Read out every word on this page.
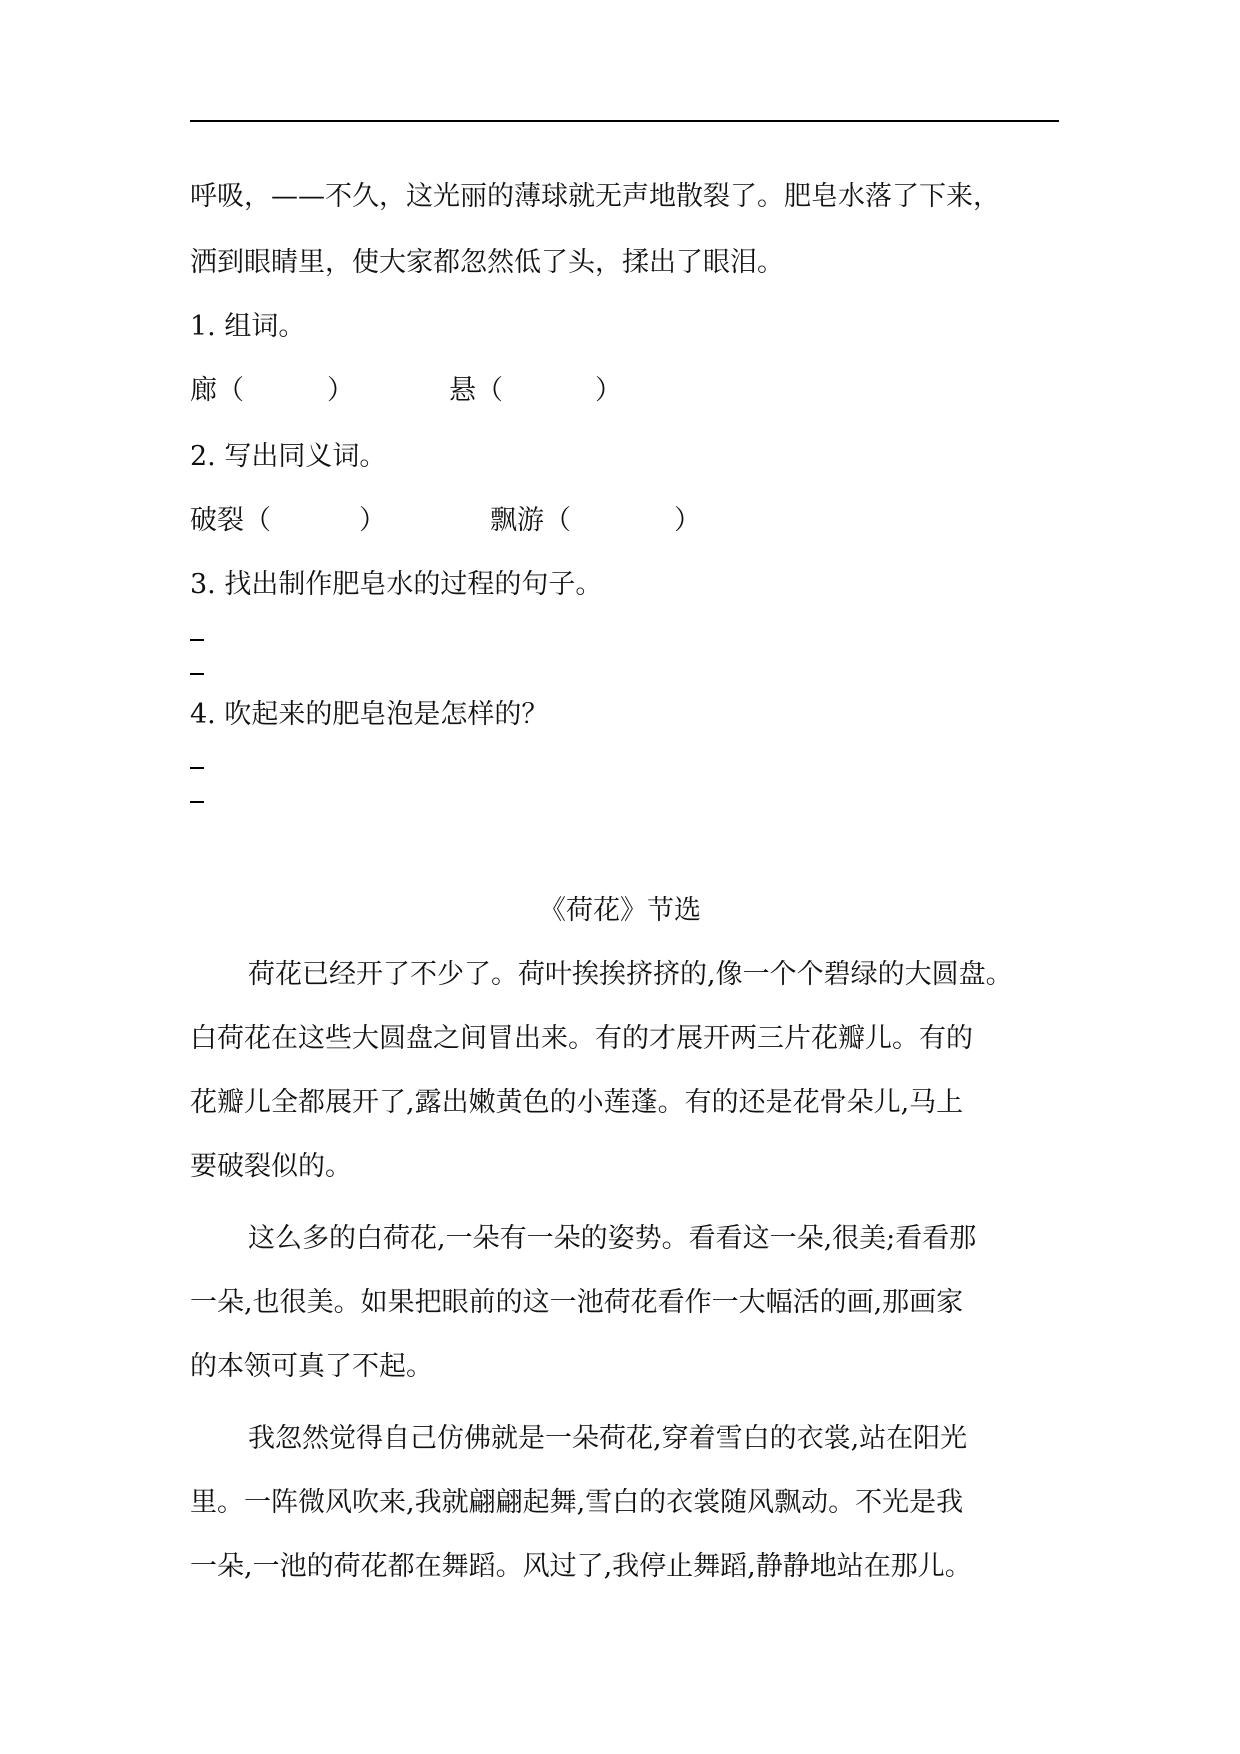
呼吸，——不久，这光丽的薄球就无声地散裂了。肥皂水落了下来，
洒到眼睛里，使大家都忽然低了头，揉出了眼泪。
1. 组词。
廊（	）	悬（	）
2. 写出同义词。
破裂（	）	飘游（	）
3. 找出制作肥皂水的过程的句子。
4. 吹起来的肥皂泡是怎样的？
《荷花》节选
荷花已经开了不少了。荷叶挨挨挤挤的,像一个个碧绿的大圆盘。
白荷花在这些大圆盘之间冒出来。有的才展开两三片花瓣儿。有的
花瓣儿全都展开了,露出嫩黄色的小莲蓬。有的还是花骨朵儿,马上
要破裂似的。
这么多的白荷花,一朵有一朵的姿势。看看这一朵,很美;看看那
一朵,也很美。如果把眼前的这一池荷花看作一大幅活的画,那画家
的本领可真了不起。
我忽然觉得自己仿佛就是一朵荷花,穿着雪白的衣裳,站在阳光
里。一阵微风吹来,我就翩翩起舞,雪白的衣裳随风飘动。不光是我
一朵,一池的荷花都在舞蹈。风过了,我停止舞蹈,静静地站在那儿。
